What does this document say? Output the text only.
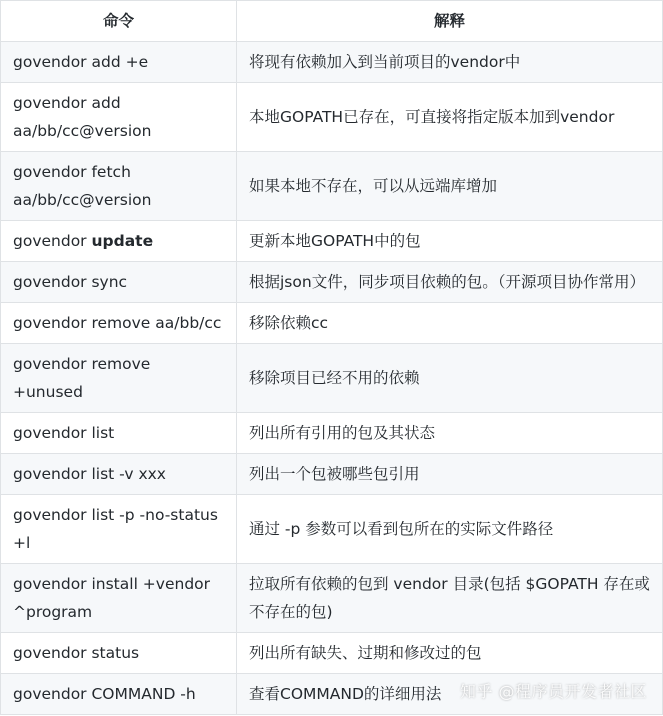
命令	解释
govendor add +e	将现有依赖加入到当前项目的vendor中
govendor add aa/bb/cc@version	本地GOPATH已存在，可直接将指定版本加到vendor
govendor fetch aa/bb/cc@version	如果本地不存在，可以从远端库增加
govendor update	更新本地GOPATH中的包
govendor sync	根据json文件，同步项目依赖的包。（开源项目协作常用）
govendor remove aa/bb/cc	移除依赖cc
govendor remove +unused	移除项目已经不用的依赖
govendor list	列出所有引用的包及其状态
govendor list -v xxx	列出一个包被哪些包引用
govendor list -p -no-status +l	通过 -p 参数可以看到包所在的实际文件路径
govendor install +vendor ^program	拉取所有依赖的包到 vendor 目录(包括 $GOPATH 存在或不存在的包)
govendor status	列出所有缺失、过期和修改过的包
govendor COMMAND -h	查看COMMAND的详细用法 知乎 @程序员开发者社区
